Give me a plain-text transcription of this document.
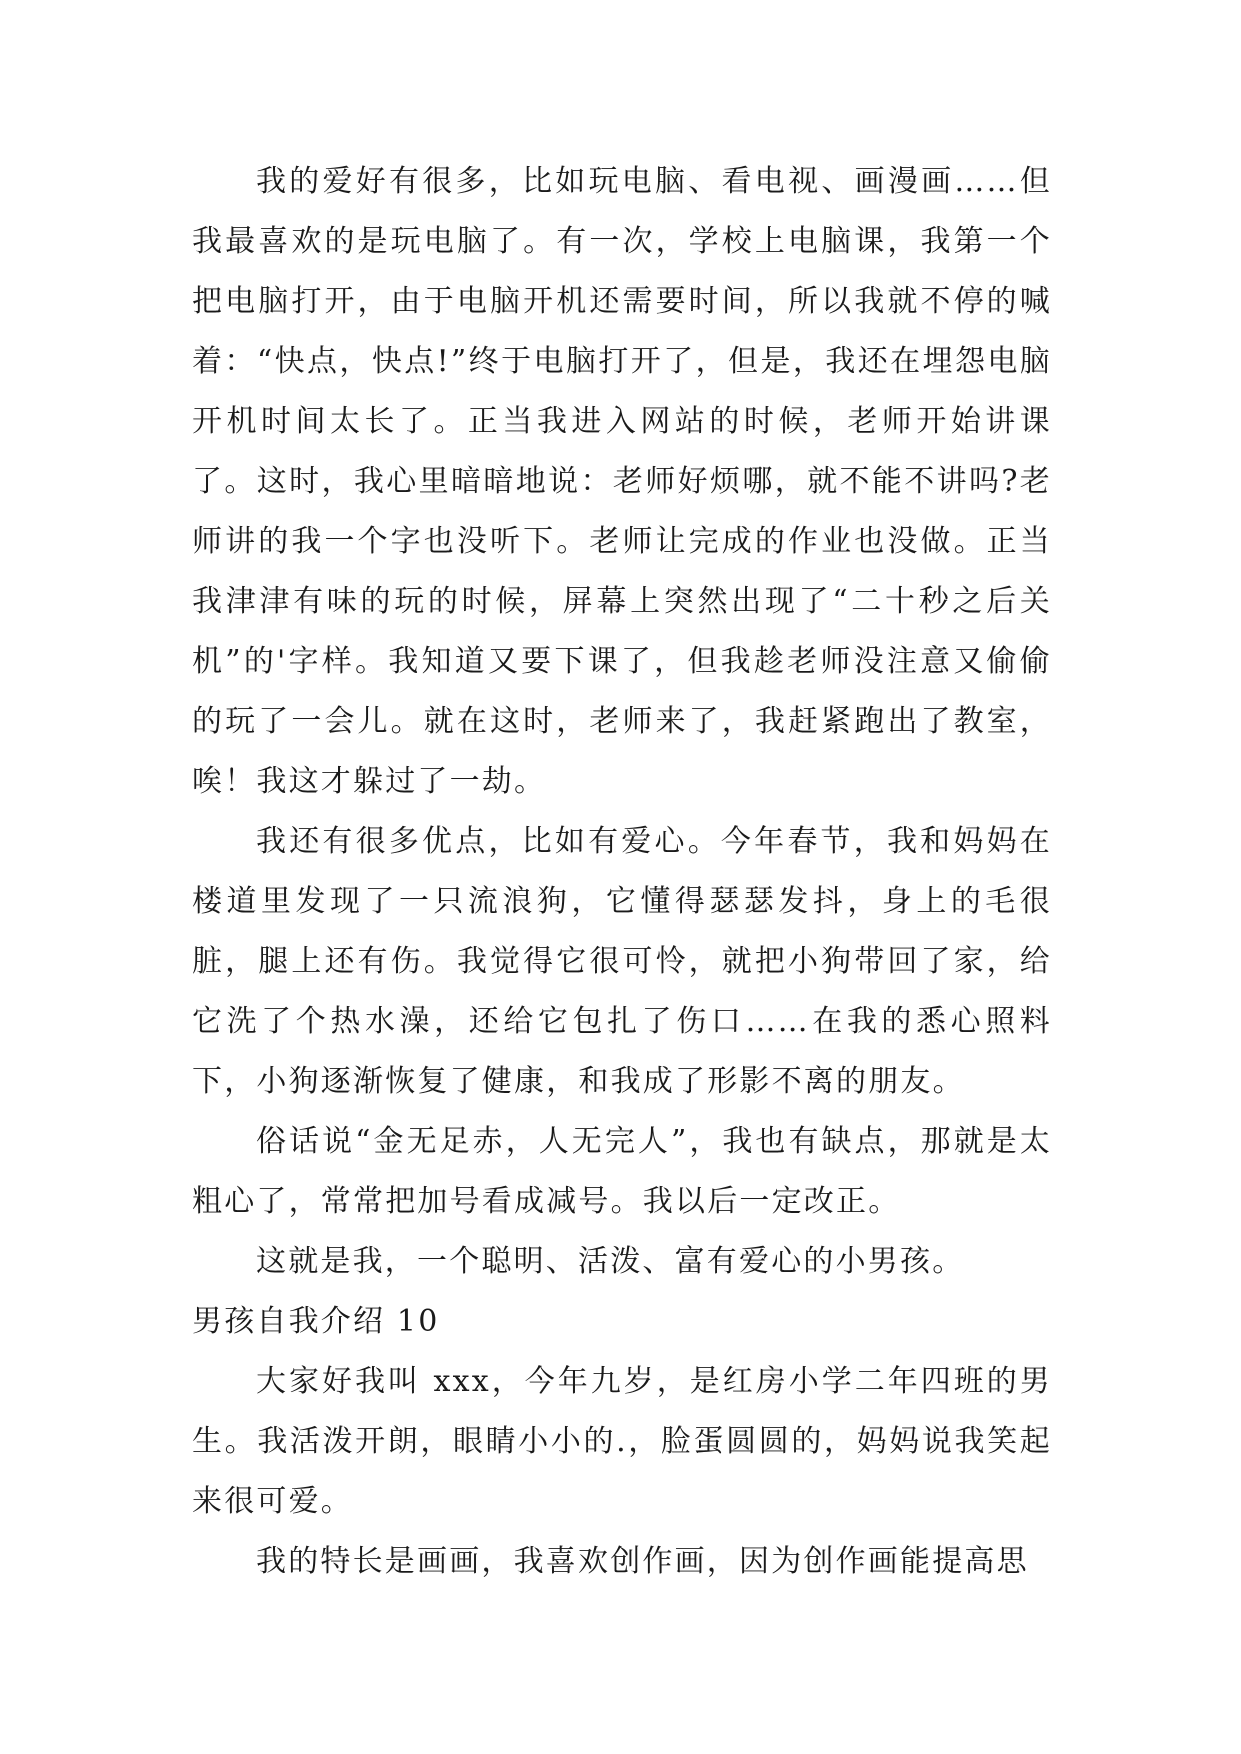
我的爱好有很多，比如玩电脑、看电视、画漫画……但我最喜欢的是玩电脑了。有一次，学校上电脑课，我第一个把电脑打开，由于电脑开机还需要时间，所以我就不停的喊着：“快点，快点!”终于电脑打开了，但是，我还在埋怨电脑开机时间太长了。正当我进入网站的时候，老师开始讲课了。这时，我心里暗暗地说：老师好烦哪，就不能不讲吗?老师讲的我一个字也没听下。老师让完成的作业也没做。正当我津津有味的玩的时候，屏幕上突然出现了“二十秒之后关机”的'字样。我知道又要下课了，但我趁老师没注意又偷偷的玩了一会儿。就在这时，老师来了，我赶紧跑出了教室，唉！我这才躲过了一劫。

我还有很多优点，比如有爱心。今年春节，我和妈妈在楼道里发现了一只流浪狗，它懂得瑟瑟发抖，身上的毛很脏，腿上还有伤。我觉得它很可怜，就把小狗带回了家，给它洗了个热水澡，还给它包扎了伤口……在我的悉心照料下，小狗逐渐恢复了健康，和我成了形影不离的朋友。

俗话说“金无足赤，人无完人”，我也有缺点，那就是太粗心了，常常把加号看成减号。我以后一定改正。

这就是我，一个聪明、活泼、富有爱心的小男孩。

男孩自我介绍 10

大家好我叫 xxx，今年九岁，是红房小学二年四班的男生。我活泼开朗，眼睛小小的.，脸蛋圆圆的，妈妈说我笑起来很可爱。

我的特长是画画，我喜欢创作画，因为创作画能提高思
